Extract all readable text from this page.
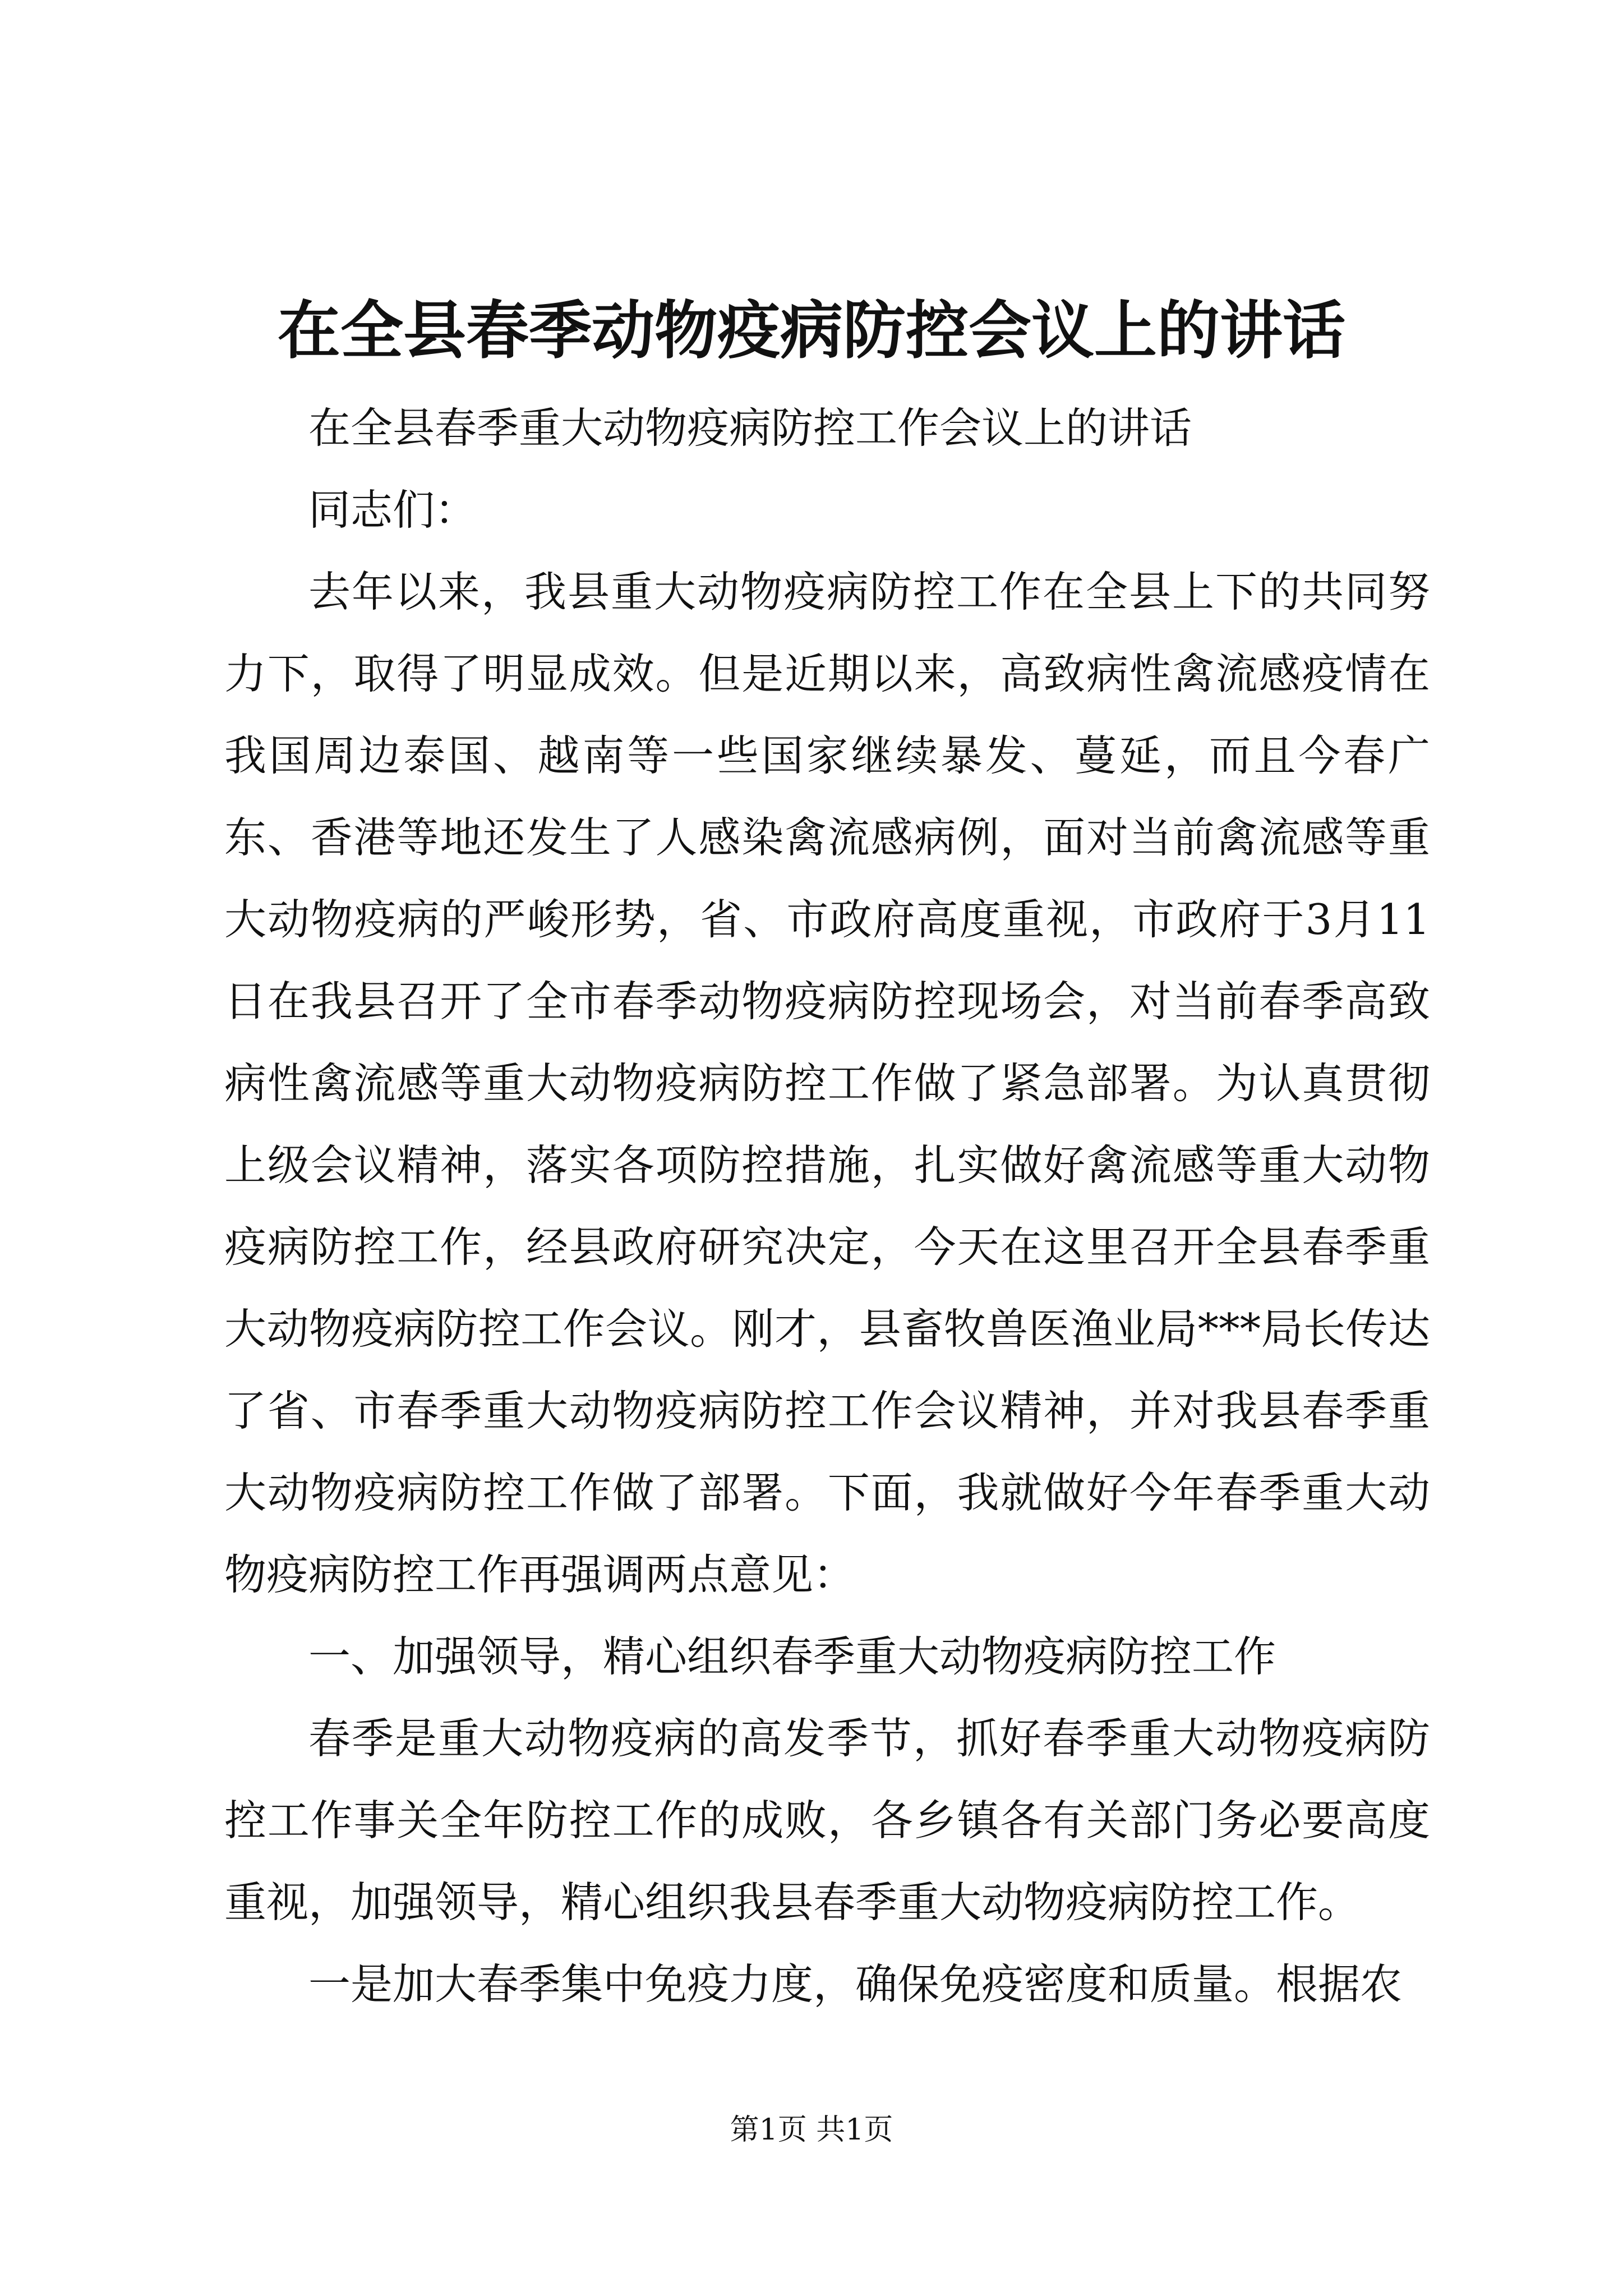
在全县春季动物疫病防控会议上的讲话

在全县春季重大动物疫病防控工作会议上的讲话

同志们：

去年以来，我县重大动物疫病防控工作在全县上下的共同努力下，取得了明显成效。但是近期以来，高致病性禽流感疫情在我国周边泰国、越南等一些国家继续暴发、蔓延，而且今春广东、香港等地还发生了人感染禽流感病例，面对当前禽流感等重大动物疫病的严峻形势，省、市政府高度重视，市政府于3月11日在我县召开了全市春季动物疫病防控现场会，对当前春季高致病性禽流感等重大动物疫病防控工作做了紧急部署。为认真贯彻上级会议精神，落实各项防控措施，扎实做好禽流感等重大动物疫病防控工作，经县政府研究决定，今天在这里召开全县春季重大动物疫病防控工作会议。刚才，县畜牧兽医渔业局***局长传达了省、市春季重大动物疫病防控工作会议精神，并对我县春季重大动物疫病防控工作做了部署。下面，我就做好今年春季重大动物疫病防控工作再强调两点意见：

一、加强领导，精心组织春季重大动物疫病防控工作

春季是重大动物疫病的高发季节，抓好春季重大动物疫病防控工作事关全年防控工作的成败，各乡镇各有关部门务必要高度重视，加强领导，精心组织我县春季重大动物疫病防控工作。

一是加大春季集中免疫力度，确保免疫密度和质量。根据农

第1页 共1页
